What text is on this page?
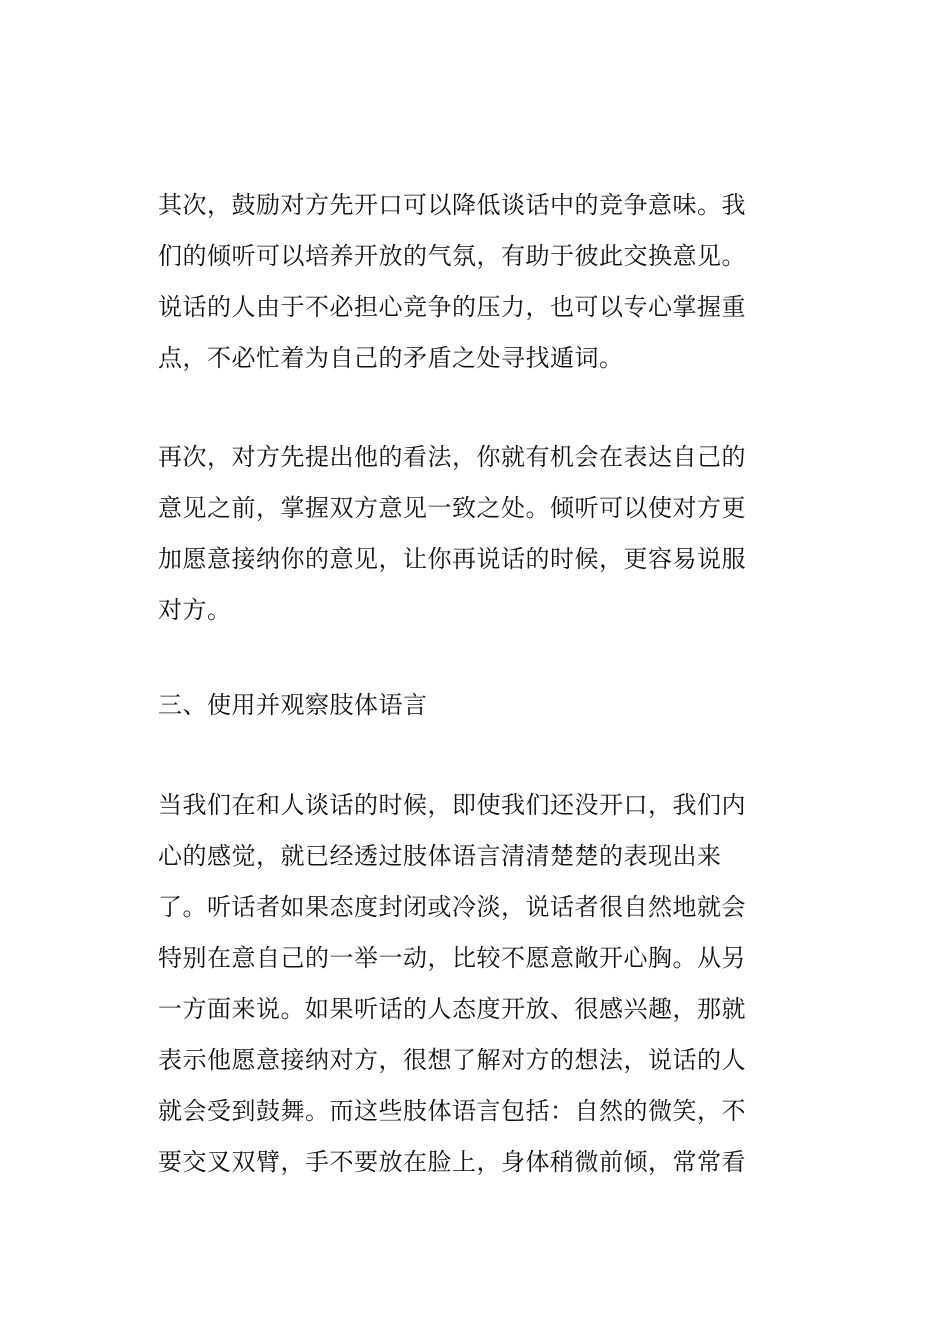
其次，鼓励对方先开口可以降低谈话中的竞争意味。我
们的倾听可以培养开放的气氛，有助于彼此交换意见。
说话的人由于不必担心竞争的压力，也可以专心掌握重
点，不必忙着为自己的矛盾之处寻找遁词。

再次，对方先提出他的看法，你就有机会在表达自己的
意见之前，掌握双方意见一致之处。倾听可以使对方更
加愿意接纳你的意见，让你再说话的时候，更容易说服
对方。

三、使用并观察肢体语言

当我们在和人谈话的时候，即使我们还没开口，我们内
心的感觉，就已经透过肢体语言清清楚楚的表现出来
了。听话者如果态度封闭或冷淡，说话者很自然地就会
特别在意自己的一举一动，比较不愿意敞开心胸。从另
一方面来说。如果听话的人态度开放、很感兴趣，那就
表示他愿意接纳对方，很想了解对方的想法，说话的人
就会受到鼓舞。而这些肢体语言包括：自然的微笑，不
要交叉双臂，手不要放在脸上，身体稍微前倾，常常看
